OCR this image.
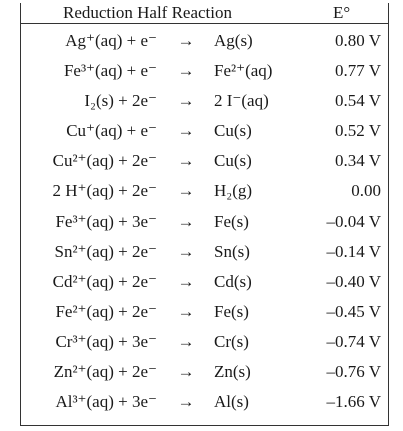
Reduction Half Reaction	E°
Ag⁺(aq) + e⁻ → Ag(s)	0.80 V
Fe³⁺(aq) + e⁻ → Fe²⁺(aq)	0.77 V
I₂(s) + 2e⁻ → 2 I⁻(aq)	0.54 V
Cu⁺(aq) + e⁻ → Cu(s)	0.52 V
Cu²⁺(aq) + 2e⁻ → Cu(s)	0.34 V
2 H⁺(aq) + 2e⁻ → H₂(g)	0.00
Fe³⁺(aq) + 3e⁻ → Fe(s)	–0.04 V
Sn²⁺(aq) + 2e⁻ → Sn(s)	–0.14 V
Cd²⁺(aq) + 2e⁻ → Cd(s)	–0.40 V
Fe²⁺(aq) + 2e⁻ → Fe(s)	–0.45 V
Cr³⁺(aq) + 3e⁻ → Cr(s)	–0.74 V
Zn²⁺(aq) + 2e⁻ → Zn(s)	–0.76 V
Al³⁺(aq) + 3e⁻ → Al(s)	–1.66 V
